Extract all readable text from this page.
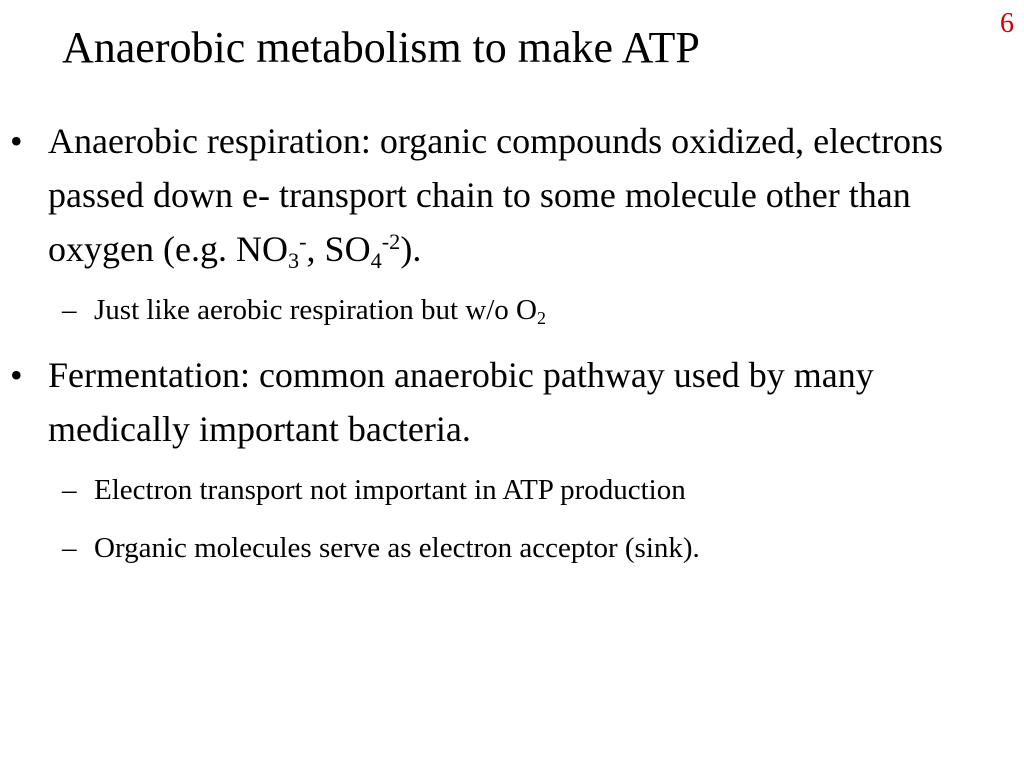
6
Anaerobic metabolism to make ATP
• Anaerobic respiration: organic compounds oxidized, electrons passed down e- transport chain to some molecule other than oxygen (e.g. $NO_3^-$, $SO_4^{-2}$).
– Just like aerobic respiration but w/o $O_2$
• Fermentation: common anaerobic pathway used by many medically important bacteria.
– Electron transport not important in ATP production
– Organic molecules serve as electron acceptor (sink).
